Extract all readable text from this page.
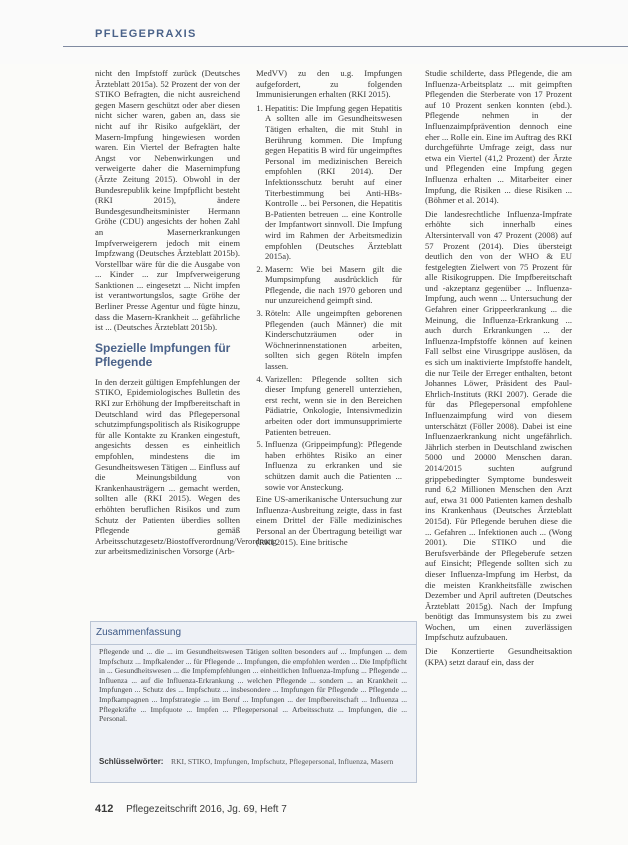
PFLEGEPRAXIS

nicht den Impfstoff zurück (Deutsches Ärzteblatt 2015a). 52 Prozent der von der STIKO Befragten, die nicht ausreichend gegen Masern geschützt oder aber diesen nicht sicher waren, gaben an, dass sie nicht auf ihr Risiko aufgeklärt, der Masern-Impfung hingewiesen worden waren. Ein Viertel der Befragten halte Angst vor Nebenwirkungen und verweigerte daher die Masernimpfung (Ärzte Zeitung 2015). Obwohl in der Bundesrepublik keine Impfpflicht besteht (RKI 2015), ändere Bundesgesundheitsminister Hermann Gröhe (CDU) angesichts der hohen Zahl an Masernerkrankungen Impfverweigerern jedoch mit einem Impfzwang (Deutsches Ärzteblatt 2015b). Vorstellbar wäre für die die Ausgabe von ... Kinder ... zur Impfverweigerung Sanktionen ... eingesetzt ... Nicht impfen ist verantwortungslos, sagte Gröhe der Berliner Presse Agentur und fügte hinzu, dass die Masern-Krankheit ... gefährliche ist ... (Deutsches Ärzteblatt 2015b).

Spezielle Impfungen für Pflegende

In den derzeit gültigen Empfehlungen der STIKO, Epidemiologisches Bulletin des RKI zur Erhöhung der Impfbereitschaft in Deutschland wird das Pflegepersonal schutzimpfungspolitisch als Risikogruppe für alle Kontakte zu Kranken eingestuft, angesichts dessen es einheitlich empfohlen, mindestens die im Gesundheitswesen Tätigen ... Einfluss auf die Meinungsbildung von Krankenhausträgern ... gemacht werden, sollten alle (RKI 2015). Wegen des erhöhten beruflichen Risikos und zum Schutz der Patienten überdies sollten Pflegende gemäß Arbeitsschutzgesetz/Biostoffverordnung/Verordnung zur arbeitsmedizinischen Vorsorge (Arb-

MedVV) zu den u.g. Impfungen aufgefordert, zu folgenden Immunisierungen erhalten (RKI 2015).

1. Hepatitis: Die Impfung gegen Hepatitis A sollten alle im Gesundheitswesen Tätigen erhalten, die mit Stuhl in Berührung kommen. Die Impfung gegen Hepatitis B wird für ungeimpftes Personal im medizinischen Bereich empfohlen (RKI 2014). Der Infektionsschutz beruht auf einer Titerbestimmung bei Anti-HBs-Kontrolle ... bei Personen, die Hepatitis B-Patienten betreuen ... eine Kontrolle der Impfantwort sinnvoll. Die Impfung wird im Rahmen der Arbeitsmedizin empfohlen (Deutsches Ärzteblatt 2015a).
2. Masern: Wie bei Masern gilt die Mumpsimpfung ausdrücklich für Pflegende, die nach 1970 geboren und nur unzureichend geimpft sind.
3. Röteln: Alle ungeimpften geborenen Pflegenden (auch Männer) die mit Kinderschutzräumen oder in Wöchnerinnenstationen arbeiten, sollten sich gegen Röteln impfen lassen.
4. Varizellen: Pflegende sollten sich dieser Impfung generell unterziehen, erst recht, wenn sie in den Bereichen Pädiatrie, Onkologie, Intensivmedizin arbeiten oder dort immunsupprimierte Patienten betreuen.
5. Influenza (Grippeimpfung): Pflegende haben erhöhtes Risiko an einer Influenza zu erkranken und sie schützen damit auch die Patienten ... sowie vor Ansteckung.

Eine US-amerikanische Untersuchung zur Influenza-Ausbreitung zeigte, dass in fast einem Drittel der Fälle medizinisches Personal an der Übertragung beteiligt war (RKI 2015). Eine britische

Studie schilderte, dass Pflegende, die am Influenza-Arbeitsplatz ... mit geimpften Pflegenden die Sterberate von 17 Prozent auf 10 Prozent senken konnten (ebd.). Pflegende nehmen in der Influenzaimpfprävention dennoch eine eher ... Rolle ein. Eine im Auftrag des RKI durchgeführte Umfrage zeigt, dass nur etwa ein Viertel (41,2 Prozent) der Ärzte und Pflegenden eine Impfung gegen Influenza erhalten ... Mitarbeiter einer Impfung, die Risiken ... diese Risiken ... (Böhmer et al. 2014).

Die landesrechtliche Influenza-Impfrate erhöhte sich innerhalb eines Altersintervall von 47 Prozent (2008) auf 57 Prozent (2014). Dies übersteigt deutlich den von der WHO & EU festgelegten Zielwert von 75 Prozent für alle Risikogruppen. Die Impfbereitschaft und -akzeptanz gegenüber ... Influenza-Impfung, auch wenn ... Untersuchung der Gefahren einer Grippeerkrankung ... die Meinung, die Influenza-Erkrankung ... auch durch Erkrankungen ... der Influenza-Impfstoffe können auf keinen Fall selbst eine Virusgrippe auslösen, da es sich um inaktivierte Impfstoffe handelt, die nur Teile der Erreger enthalten, betont Johannes Löwer, Präsident des Paul-Ehrlich-Instituts (RKI 2007). Gerade die für das Pflegepersonal empfohlene Influenzaimpfung wird von diesem unterschätzt (Föller 2008). Dabei ist eine Influenzaerkrankung nicht ungefährlich. Jährlich sterben in Deutschland zwischen 5000 und 20000 Menschen daran. 2014/2015 suchten aufgrund grippebedingter Symptome bundesweit rund 6,2 Millionen Menschen den Arzt auf, etwa 31 000 Patienten kamen deshalb ins Krankenhaus (Deutsches Ärzteblatt 2015d). Für Pflegende beruhen diese die ... Gefahren ... Infektionen auch ... (Wong 2001). Die STIKO und die Berufsverbände der Pflegeberufe setzen auf Einsicht; Pflegende sollten sich zu dieser Influenza-Impfung im Herbst, da die meisten Krankheitsfälle zwischen Dezember und April auftreten (Deutsches Ärzteblatt 2015g). Nach der Impfung benötigt das Immunsystem bis zu zwei Wochen, um einen zuverlässigen Impfschutz aufzubauen.

Die Konzertierte Gesundheitsaktion (KPA) setzt darauf ein, dass der

Zusammenfassung
Pflegende und ... die ... im Gesundheitswesen Tätigen sollten besonders auf ... Impfungen ... dem Impfschutz ... Impfkalender ... für Pflegende ... Impfungen, die empfohlen werden ... Die Impfpflicht in ... Gesundheitswesen ... die Impfempfehlungen ... einheitlichen Influenza-Impfung ... Pflegende ... Influenza ... auf die Influenza-Erkrankung ... welchen Pflegende ... sondern ... an Krankheit ... Impfungen ... Schutz des ... Impfschutz ... insbesondere ... Impfungen für Pflegende ... Pflegende ... Impfkampagnen ... Impfstrategie ... im Beruf ... Impfungen ... der Impfbereitschaft ... Influenza ... Pflegekräfte ... Impfquote ... Impfen ... Pflegepersonal ... Arbeitsschutz ... Impfungen, die ... Personal.
Schlüsselwörter: RKI, STIKO, Impfungen, Impfschutz, Pflegepersonal, Influenza, Masern
412 Pflegezeitschrift 2016, Jg. 69, Heft 7
